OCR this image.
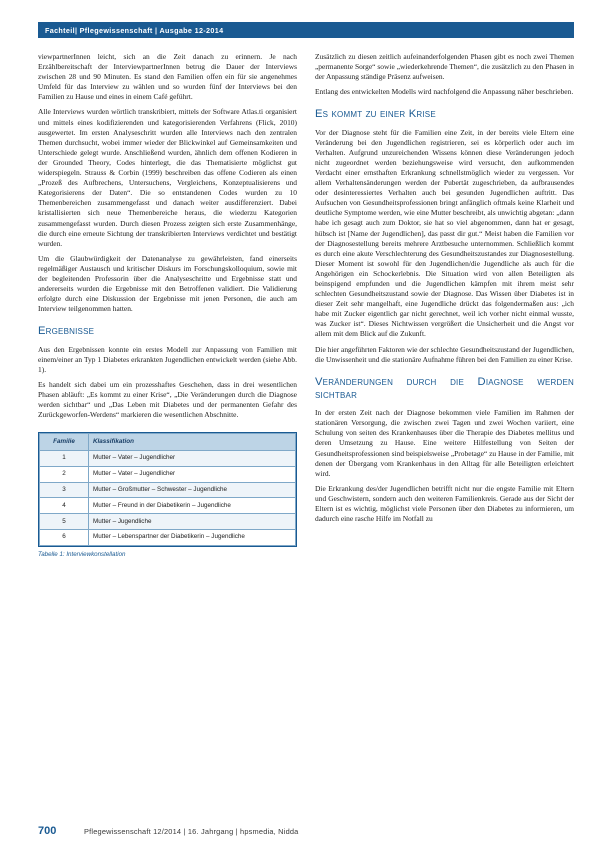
Fachteil| Pflegewissenschaft | Ausgabe 12-2014

viewpartnerInnen leicht, sich an die Zeit danach zu erinnern. Je nach Erzählbereitschaft der InterviewpartnerInnen betrug die Dauer der Interviews zwischen 28 und 90 Minuten. Es stand den Familien offen ein für sie angenehmes Umfeld für das Interview zu wählen und so wurden fünf der Interviews bei den Familien zu Hause und eines in einem Café geführt.

Alle Interviews wurden wörtlich transkribiert, mittels der Software Atlas.ti organisiert und mittels eines kodifizierenden und kategorisierenden Verfahrens (Flick, 2010) ausgewertet. Im ersten Analyseschritt wurden alle Interviews nach den zentralen Themen durchsucht, wobei immer wieder der Blickwinkel auf Gemeinsamkeiten und Unterschiede gelegt wurde. Anschließend wurden, ähnlich dem offenen Kodieren in der Grounded Theory, Codes hinterlegt, die das Thematisierte möglichst gut widerspiegeln. Strauss & Corbin (1999) beschreiben das offene Codieren als einen „Prozeß des Aufbrechens, Untersuchens, Vergleichens, Konzeptualisierens und Kategorisierens der Daten“. Die so entstandenen Codes wurden zu 10 Themenbereichen zusammengefasst und danach weiter ausdifferenziert. Dabei kristallisierten sich neue Themenbereiche heraus, die wiederzu Kategorien zusammengefasst wurden. Durch diesen Prozess zeigten sich erste Zusammenhänge, die durch eine erneute Sichtung der transkribierten Interviews verdichtet und bestätigt wurden.

Um die Glaubwürdigkeit der Datenanalyse zu gewährleisten, fand einerseits regelmäßiger Austausch und kritischer Diskurs im Forschungskolloquium, sowie mit der begleitenden Professorin über die Analyseschritte und Ergebnisse statt und andererseits wurden die Ergebnisse mit den Betroffenen validiert. Die Validierung erfolgte durch eine Diskussion der Ergebnisse mit jenen Personen, die auch am Interview teilgenommen hatten.

Ergebnisse

Aus den Ergebnissen konnte ein erstes Modell zur Anpassung von Familien mit einem/einer an Typ 1 Diabetes erkrankten Jugendlichen entwickelt werden (siehe Abb. 1).

Es handelt sich dabei um ein prozesshaftes Geschehen, dass in drei wesentlichen Phasen abläuft: „Es kommt zu einer Krise“, „Die Veränderungen durch die Diagnose werden sichtbar“ und „Das Leben mit Diabetes und der permanenten Gefahr des Zurückgeworfen-Werdens“ markieren die wesentlichen Abschnitte.

Familie	Klassifikation
1	Mutter – Vater – Jugendlicher
2	Mutter – Vater – Jugendlicher
3	Mutter – Großmutter – Schwester – Jugendliche
4	Mutter – Freund in der Diabetikerin – Jugendliche
5	Mutter – Jugendliche
6	Mutter – Lebenspartner der Diabetikerin – Jugendliche
Tabelle 1: Interviewkonstellation

Zusätzlich zu diesen zeitlich aufeinanderfolgenden Phasen gibt es noch zwei Themen „permanente Sorge“ sowie „wiederkehrende Themen“, die zusätzlich zu den Phasen in der Anpassung ständige Präsenz aufweisen.

Entlang des entwickelten Modells wird nachfolgend die Anpassung näher beschrieben.

Es kommt zu einer Krise

Vor der Diagnose steht für die Familien eine Zeit, in der bereits viele Eltern eine Veränderung bei den Jugendlichen registrieren, sei es körperlich oder auch im Verhalten. Aufgrund unzureichenden Wissens können diese Veränderungen jedoch nicht zugeordnet werden beziehungsweise wird versucht, den aufkommenden Verdacht einer ernsthaften Erkrankung schnellstmöglich wieder zu vergessen. Vor allem Verhaltensänderungen werden der Pubertät zugeschrieben, da aufbrausendes oder desinteressiertes Verhalten auch bei gesunden Jugendlichen auftritt. Das Aufsuchen von Gesundheitsprofessionen bringt anfänglich oftmals keine Klarheit und deutliche Symptome werden, wie eine Mutter beschreibt, als unwichtig abgetan: „dann habe ich gesagt auch zum Doktor, sie hat so viel abgenommen, dann hat er gesagt, hübsch ist [Name der Jugendlichen], das passt dir gut.“ Meist haben die Familien vor der Diagnosestellung bereits mehrere Arztbesuche unternommen. Schließlich kommt es durch eine akute Verschlechterung des Gesundheitszustandes zur Diagnosestellung. Dieser Moment ist sowohl für den Jugendlichen/die Jugendliche als auch für die Angehörigen ein Schockerlebnis. Die Situation wird von allen Beteiligten als beinspigend empfunden und die Jugendlichen kämpfen mit ihrem meist sehr schlechten Gesundheitszustand sowie der Diagnose. Das Wissen über Diabetes ist in dieser Zeit sehr mangelhaft, eine Jugendliche drückt das folgendermaßen aus: „ich habe mit Zucker eigentlich gar nicht gerechnet, weil ich vorher nicht einmal wusste, was Zucker ist“. Dieses Nichtwissen vergrößert die Unsicherheit und die Angst vor allem mit dem Blick auf die Zukunft.

Die hier angeführten Faktoren wie der schlechte Gesundheitszustand der Jugendlichen, die Unwissenheit und die stationäre Aufnahme führen bei den Familien zu einer Krise.

Veränderungen durch die Diagnose werden sichtbar

In der ersten Zeit nach der Diagnose bekommen viele Familien im Rahmen der stationären Versorgung, die zwischen zwei Tagen und zwei Wochen variiert, eine Schulung von seiten des Krankenhauses über die Therapie des Diabetes mellitus und deren Umsetzung zu Hause. Eine weitere Hilfestellung von Seiten der Gesundheitsprofessionen sind beispielsweise „Probetage“ zu Hause in der Familie, mit denen der Übergang vom Krankenhaus in den Alltag für alle Beteiligten erleichtert wird.

Die Erkrankung des/der Jugendlichen betrifft nicht nur die engste Familie mit Eltern und Geschwistern, sondern auch den weiteren Familienkreis. Gerade aus der Sicht der Eltern ist es wichtig, möglichst viele Personen über den Diabetes zu informieren, um dadurch eine rasche Hilfe im Notfall zu

700	Pflegewissenschaft 12/2014 | 16. Jahrgang | hpsmedia, Nidda
